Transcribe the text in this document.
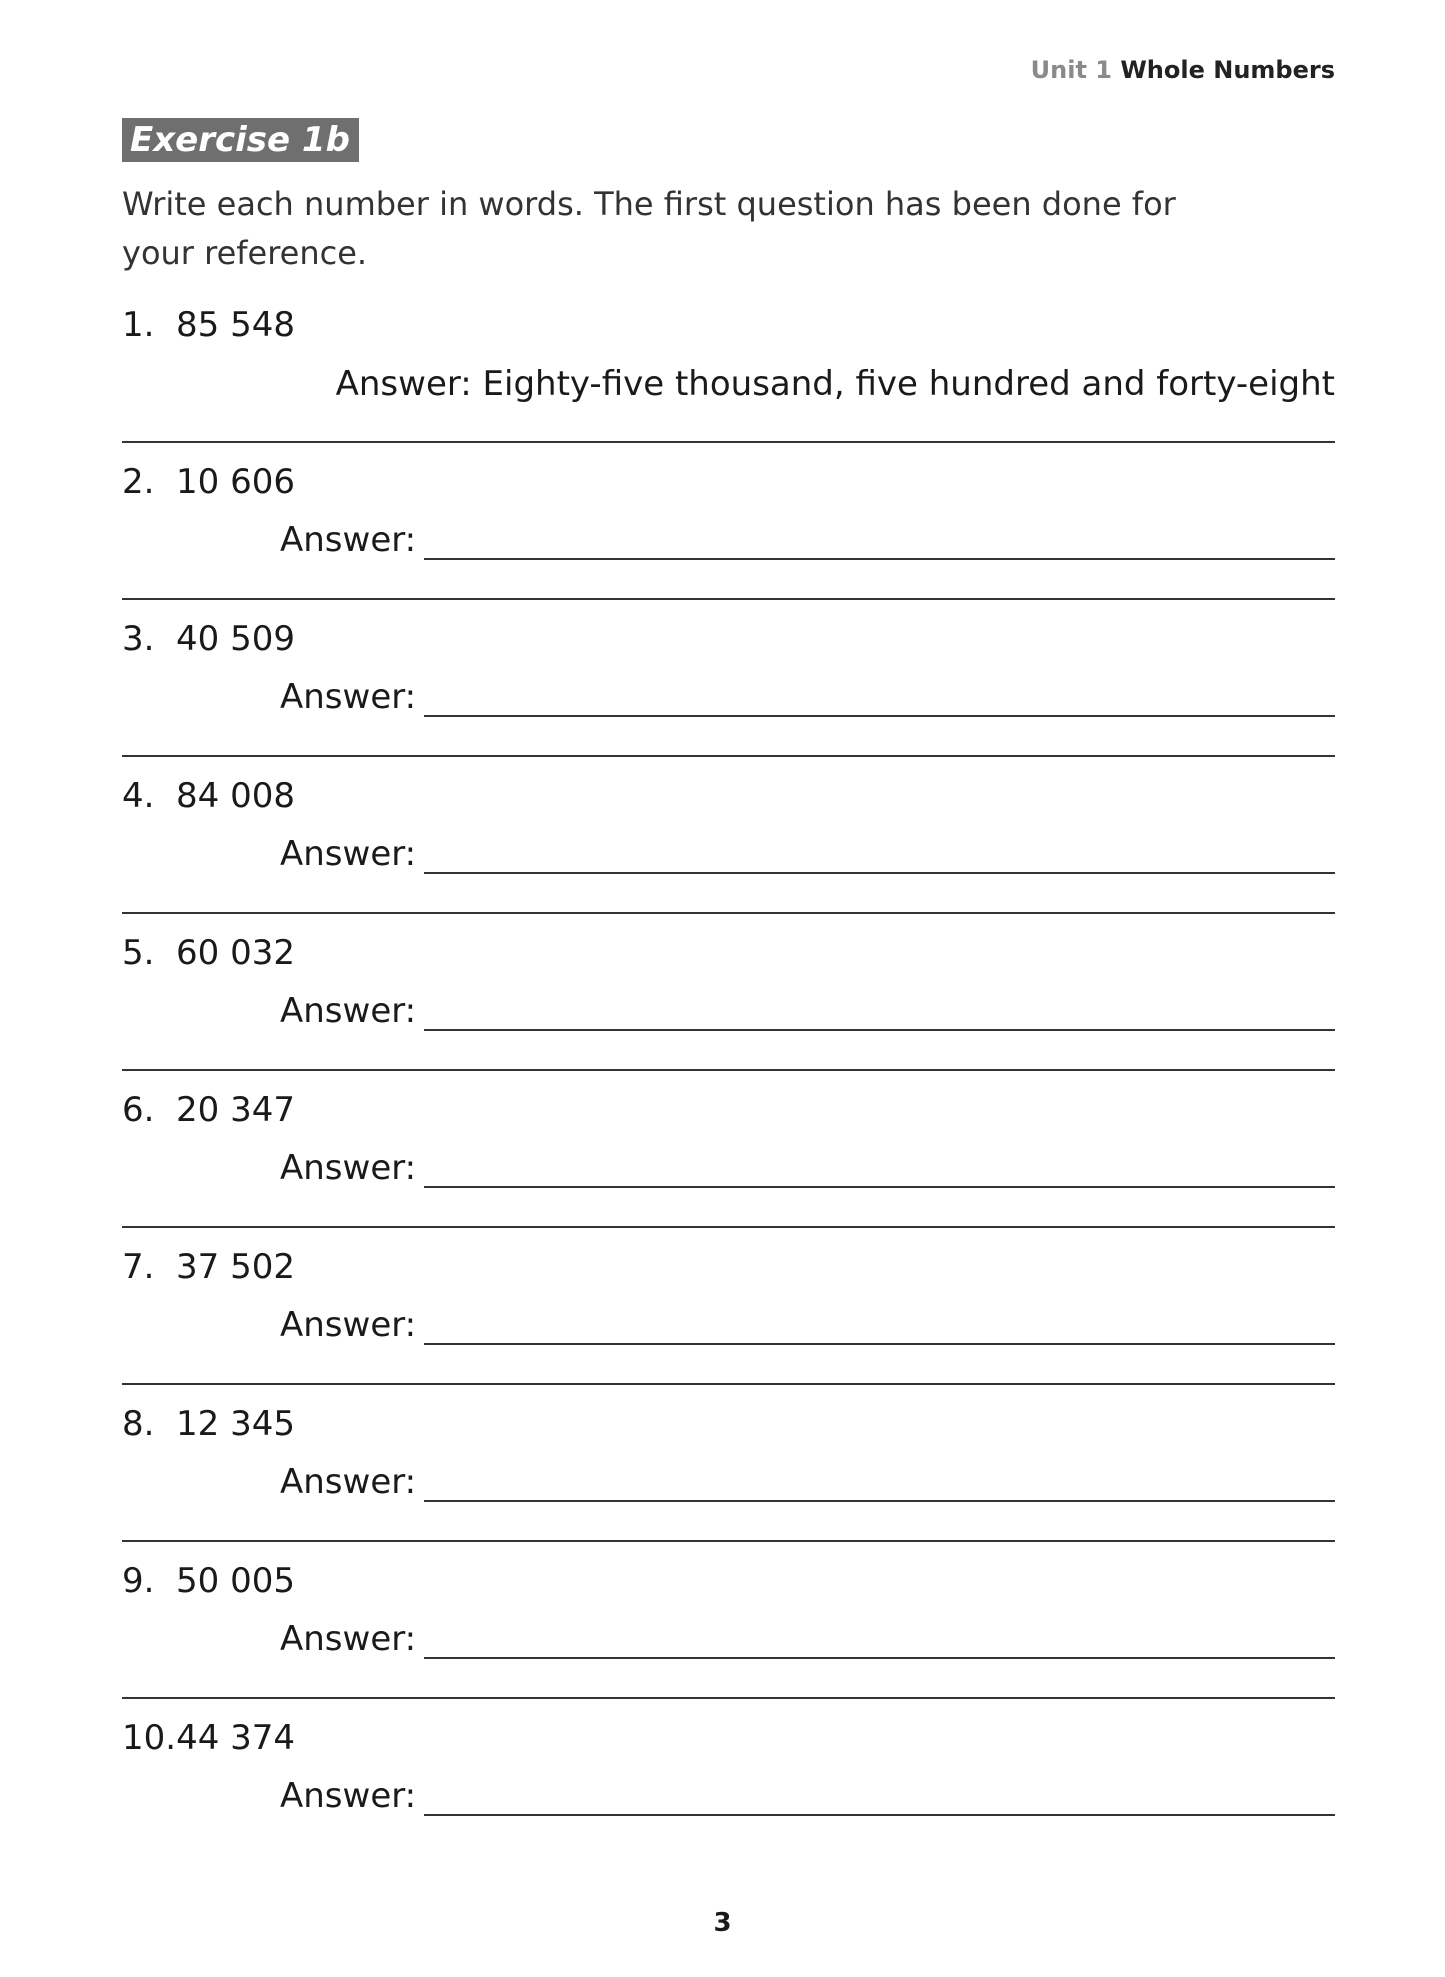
Unit 1 Whole Numbers
Exercise 1b
Write each number in words. The first question has been done for your reference.
1. 85 548
Answer: Eighty-five thousand, five hundred and forty-eight
2. 10 606
Answer:
3. 40 509
Answer:
4. 84 008
Answer:
5. 60 032
Answer:
6. 20 347
Answer:
7. 37 502
Answer:
8. 12 345
Answer:
9. 50 005
Answer:
10.44 374
Answer:
3
